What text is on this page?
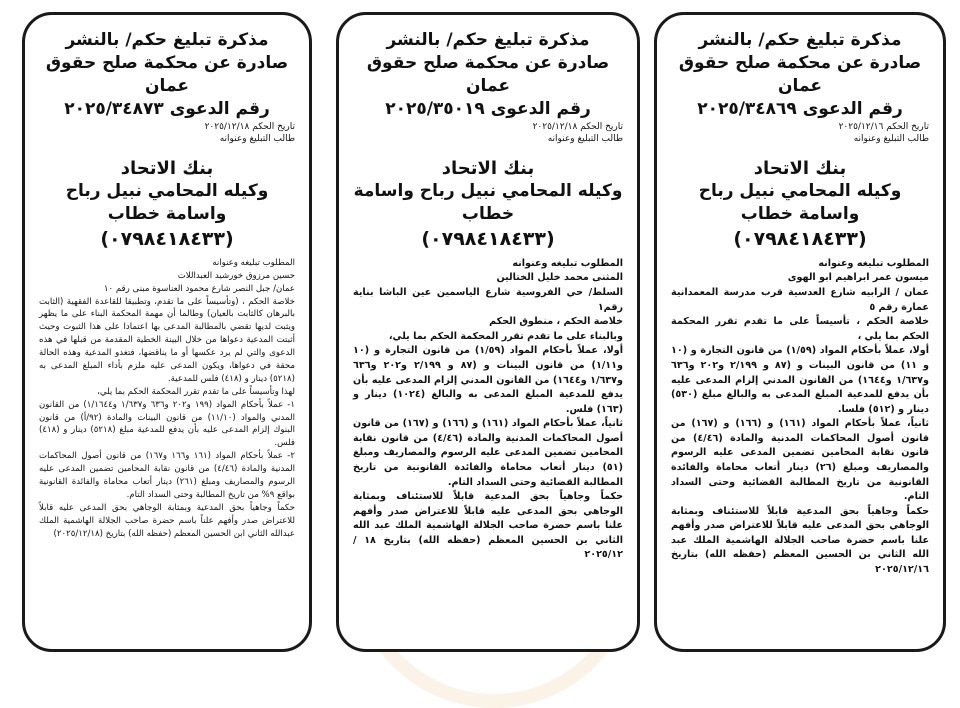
مذكرة تبليغ حكم/ بالنشر
صادرة عن محكمة صلح حقوق عمان
رقم الدعوى ٢٠٢٥/٣٤٨٦٩
تاريخ الحكم ٢٠٢٥/١٢/١٦
طالب التبليغ وعنوانه
بنك الاتحاد
وكيله المحامي نبيل رباح واسامة خطاب
(٠٧٩٨٤١٨٤٣٣)

المطلوب تبليغه وعنوانه

ميسون عمر ابراهيم ابو الهوى

عمان / الرابيه شارع العدسية قرب مدرسة المعمدانية عمارة رقم ٥

خلاصة الحكم ، تأسيساً على ما تقدم تقرر المحكمة الحكم بما يلي ،

أولا، عملاً بأحكام المواد (١/٥٩) من قانون التجارة و (١٠ و ١١) من قانون البينات و (٨٧ و ٢/١٩٩ و٢٠٢ و٦٣٦ و١/٦٣٧ و١٦٤٤) من القانون المدني إلزام المدعى عليه بأن يدفع للمدعية المبلغ المدعى به والبالغ مبلغ (٥٣٠) دينار و (٥١٢) فلسا.

ثانياً، عملاً بأحكام المواد (١٦١) و (١٦٦) و (١٦٧) من قانون أصول المحاكمات المدنية والمادة (٤/٤٦) من قانون نقابة المحامين تضمين المدعى عليه الرسوم والمصاريف ومبلغ (٢٦) دينار أتعاب محاماة والفائدة القانونية من تاريخ المطالبة القضائية وحتى السداد التام.

حكماً وجاهياً بحق المدعية قابلاً للاستئناف وبمثابة الوجاهي بحق المدعى عليه قابلاً للاعتراض صدر وأفهم علنا باسم حضرة صاحب الجلالة الهاشمية الملك عبد الله الثاني بن الحسين المعظم (حفظه الله) بتاريخ ٢٠٢٥/١٢/١٦

مذكرة تبليغ حكم/ بالنشر
صادرة عن محكمة صلح حقوق عمان
رقم الدعوى ٢٠٢٥/٣٥٠١٩
تاريخ الحكم ٢٠٢٥/١٢/١٨
طالب التبليغ وعنوانه
بنك الاتحاد
وكيله المحامي نبيل رباح واسامة خطاب
(٠٧٩٨٤١٨٤٣٣)

المطلوب تبليغه وعنوانه

المثنى محمد خليل الختالين

السلط/ حي الفروسية شارع الياسمين عين الباشا بناية رقم١

خلاصة الحكم ، منطوق الحكم

وبالبناء على ما تقدم تقرر المحكمة الحكم بما يلي،

أولا، عملاً بأحكام المواد (١/٥٩) من قانون التجارة و (١٠ و١/١١) من قانون البينات و (٨٧ و ٢/١٩٩ و٢٠٢ و٦٣٦ و١/٦٣٧ و١٦٤٤) من القانون المدني إلزام المدعى عليه بأن يدفع للمدعية المبلغ المدعى به والبالغ (١٠٢٤) دينار و (١٦٣) فلس.

ثانياً، عملاً بأحكام المواد (١٦١) و (١٦٦) و (١٦٧) من قانون أصول المحاكمات المدنية والمادة (٤/٤٦) من قانون نقابة المحامين تضمين المدعى عليه الرسوم والمصاريف ومبلغ (٥١) دينار أتعاب محاماة والفائدة القانونية من تاريخ المطالبة القضائية وحتى السداد التام.

حكماً وجاهياً بحق المدعية قابلاً للاستئناف وبمثابة الوجاهي بحق المدعى عليه قابلاً للاعتراض صدر وأفهم علنا باسم حضرة صاحب الجلالة الهاشمية الملك عبد الله الثاني بن الحسين المعظم (حفظه الله) بتاريخ ١٨ /٢٠٢٥/١٢

مذكرة تبليغ حكم/ بالنشر
صادرة عن محكمة صلح حقوق عمان
رقم الدعوى ٢٠٢٥/٣٤٨٧٣
تاريخ الحكم ٢٠٢٥/١٢/١٨
طالب التبليغ وعنوانه
بنك الاتحاد
وكيله المحامي نبيل رباح واسامة خطاب
(٠٧٩٨٤١٨٤٣٣)

المطلوب تبليغه وعنوانه

حسين مرزوق خورشيد العبداللات

عمان/ جبل النصر شارع محمود العناسوة مبنى رقم ١٠

خلاصة الحكم ، (وتأسيساً على ما تقدم، وتطبيقا للقاعدة الفقهية (الثابت بالبرهان كالثابت بالعيان) وطالما أن مهمة المحكمة البناء على ما يظهر ويثبت لديها تقضي بالمطالبة المدعى بها اعتمادا على هذا الثبوت وحيث أثبتت المدعية دعواها من خلال البينة الخطية المقدمة من قبلها في هذه الدعوى والتي لم يرد عكسها أو ما يناقضها، فتغدو المدعية وهذه الحالة محقة في دعواها، ويكون المدعى عليه ملزم بأداء المبلغ المدعى به (٥٢١٨) دينار و (٤١٨) فلس للمدعية.

لهذا وتأسيساً على ما تقدم تقرر المحكمة الحكم بما يلي،

١- عملاً بأحكام المواد (١٩٩ و٢٠٢ و٦٣٦ و١/٦٣٧ و١/١٦٤٤) من القانون المدني والمواد (١١/١٠) من قانون البينات والمادة (٩٢/أ) من قانون البنوك إلزام المدعى عليه بأن يدفع للمدعية مبلغ (٥٢١٨) دينار و (٤١٨) فلس.

٢- عملاً بأحكام المواد (١٦١ و١٦٦ و١٦٧) من قانون أصول المحاكمات المدنية والمادة (٤/٤٦) من قانون نقابة المحامين تضمين المدعى عليه الرسوم والمصاريف ومبلغ (٢٦١) دينار أتعاب محاماة والفائدة القانونية بواقع ٩% من تاريخ المطالبة وحتى السداد التام.

حكماً وجاهياً بحق المدعية وبمثابة الوجاهي بحق المدعى عليه قابلاً للاعتراض صدر وأفهم علناً باسم حضرة صاحب الجلالة الهاشمية الملك عبدالله الثاني ابن الحسين المعظم (حفظه الله) بتاريخ (٢٠٢٥/١٢/١٨)
